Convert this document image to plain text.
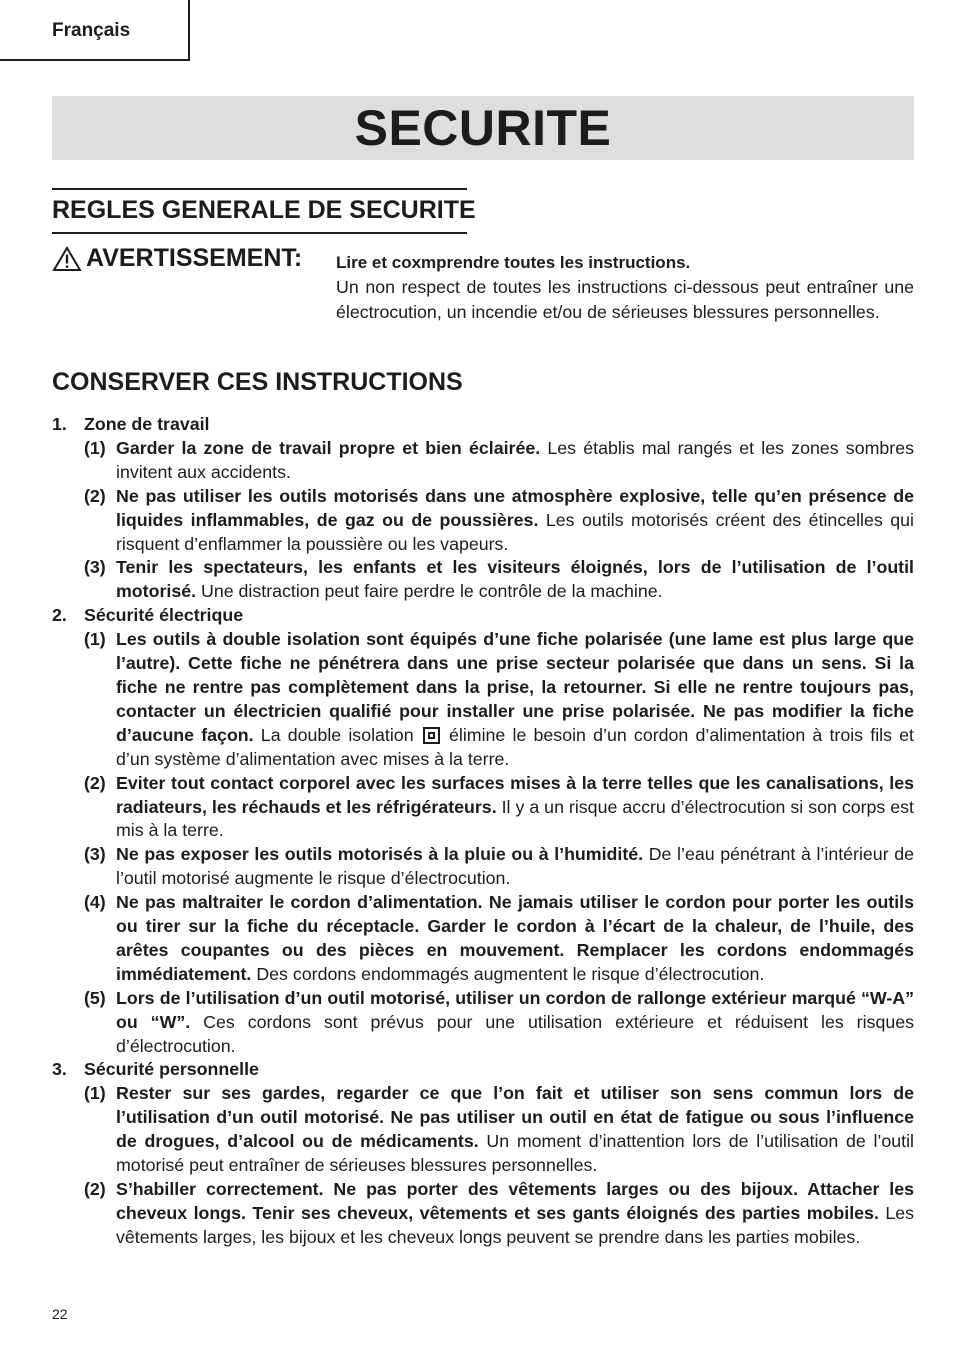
Français
SECURITE
REGLES GENERALE DE SECURITE
AVERTISSEMENT: Lire et coxmprendre toutes les instructions.
Un non respect de toutes les instructions ci-dessous peut entraîner une électrocution, un incendie et/ou de sérieuses blessures personnelles.
CONSERVER CES INSTRUCTIONS
1. Zone de travail
(1) Garder la zone de travail propre et bien éclairée. Les établis mal rangés et les zones sombres invitent aux accidents.
(2) Ne pas utiliser les outils motorisés dans une atmosphère explosive, telle qu’en présence de liquides inflammables, de gaz ou de poussières. Les outils motorisés créent des étincelles qui risquent d’enflammer la poussière ou les vapeurs.
(3) Tenir les spectateurs, les enfants et les visiteurs éloignés, lors de l’utilisation de l’outil motorisé. Une distraction peut faire perdre le contrôle de la machine.
2. Sécurité électrique
(1) Les outils à double isolation sont équipés d’une fiche polarisée (une lame est plus large que l’autre). Cette fiche ne pénétrera dans une prise secteur polarisée que dans un sens. Si la fiche ne rentre pas complètement dans la prise, la retourner. Si elle ne rentre toujours pas, contacter un électricien qualifié pour installer une prise polarisée. Ne pas modifier la fiche d’aucune façon. La double isolation  élimine le besoin d’un cordon d’alimentation à trois fils et d’un système d’alimentation avec mises à la terre.
(2) Eviter tout contact corporel avec les surfaces mises à la terre telles que les canalisations, les radiateurs, les réchauds et les réfrigérateurs. Il y a un risque accru d’électrocution si son corps est mis à la terre.
(3) Ne pas exposer les outils motorisés à la pluie ou à l’humidité. De l’eau pénétrant à l’intérieur de l’outil motorisé augmente le risque d’électrocution.
(4) Ne pas maltraiter le cordon d’alimentation. Ne jamais utiliser le cordon pour porter les outils ou tirer sur la fiche du réceptacle. Garder le cordon à l’écart de la chaleur, de l’huile, des arêtes coupantes ou des pièces en mouvement. Remplacer les cordons endommagés immédiatement. Des cordons endommagés augmentent le risque d’électrocution.
(5) Lors de l’utilisation d’un outil motorisé, utiliser un cordon de rallonge extérieur marqué “W-A” ou “W”. Ces cordons sont prévus pour une utilisation extérieure et réduisent les risques d’électrocution.
3. Sécurité personnelle
(1) Rester sur ses gardes, regarder ce que l’on fait et utiliser son sens commun lors de l’utilisation d’un outil motorisé. Ne pas utiliser un outil en état de fatigue ou sous l’influence de drogues, d’alcool ou de médicaments. Un moment d’inattention lors de l’utilisation de l’outil motorisé peut entraîner de sérieuses blessures personnelles.
(2) S’habiller correctement. Ne pas porter des vêtements larges ou des bijoux. Attacher les cheveux longs. Tenir ses cheveux, vêtements et ses gants éloignés des parties mobiles. Les vêtements larges, les bijoux et les cheveux longs peuvent se prendre dans les parties mobiles.
22
